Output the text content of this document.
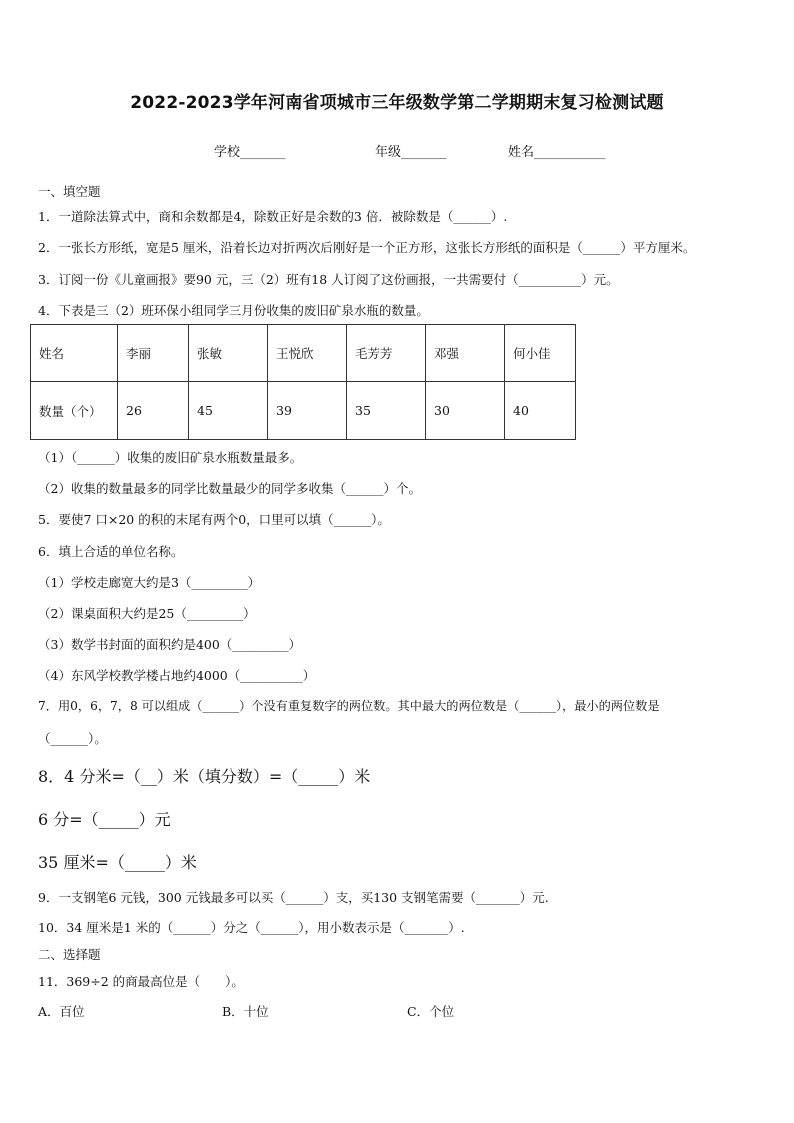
2022-2023学年河南省项城市三年级数学第二学期期末复习检测试题
学校_______	年级_______	姓名___________
一、填空题
1．一道除法算式中，商和余数都是4，除数正好是余数的3 倍．被除数是（______）.
2．一张长方形纸，宽是5 厘米，沿着长边对折两次后刚好是一个正方形，这张长方形纸的面积是（______）平方厘米。
3．订阅一份《儿童画报》要90 元，三（2）班有18 人订阅了这份画报，一共需要付（__________）元。
4．下表是三（2）班环保小组同学三月份收集的废旧矿泉水瓶的数量。
姓名	李丽	张敏	王悦欣	毛芳芳	邓强	何小佳
数量（个）	26	45	39	35	30	40
（1）（______）收集的废旧矿泉水瓶数量最多。
（2）收集的数量最多的同学比数量最少的同学多收集（______）个。
5．要使7 口×20 的积的末尾有两个0，口里可以填（______）。
6．填上合适的单位名称。
（1）学校走廊宽大约是3（_________）
（2）课桌面积大约是25（_________）
（3）数学书封面的面积约是400（_________）
（4）东风学校教学楼占地约4000（__________）
7．用0，6，7，8 可以组成（______）个没有重复数字的两位数。其中最大的两位数是（______），最小的两位数是
（______）。
8．4 分米=（__）米（填分数）=（_____）米
6 分=（_____）元
35 厘米=（_____）米
9．一支钢笔6 元钱，300 元钱最多可以买（______）支，买130 支钢笔需要（_______）元.
10．34 厘米是1 米的（______）分之（______），用小数表示是（_______）.
二、选择题
11．369÷2 的商最高位是（　　）。
A．百位	B．十位	C．个位
